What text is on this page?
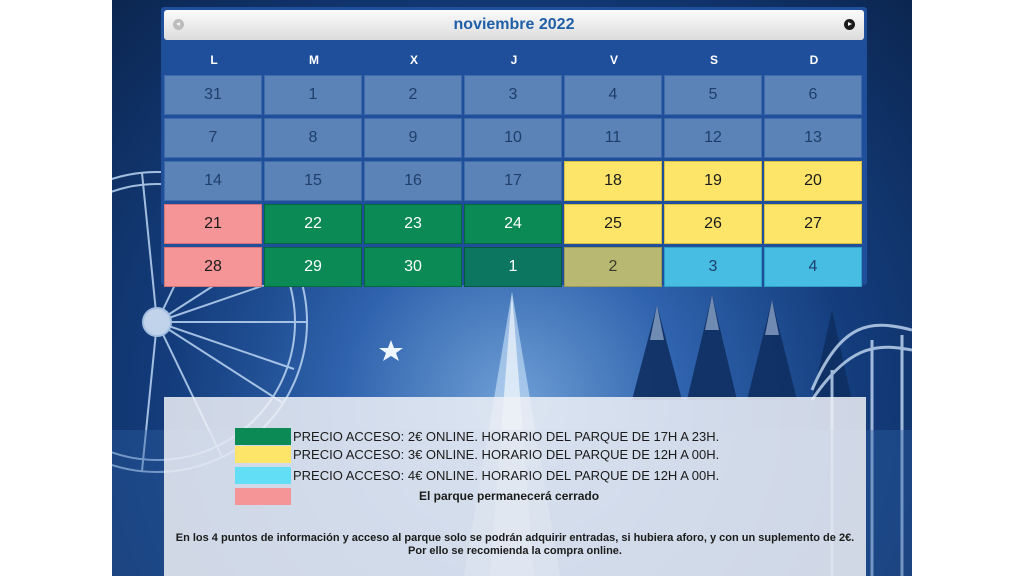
noviembre 2022
L	M	X	J	V	S	D
31	1	2	3	4	5	6
7	8	9	10	11	12	13
14	15	16	17	18	19	20
21	22	23	24	25	26	27
28	29	30	1	2	3	4
PRECIO ACCESO: 2€ ONLINE. HORARIO DEL PARQUE DE 17H A 23H.
PRECIO ACCESO: 3€ ONLINE. HORARIO DEL PARQUE DE 12H A 00H.
PRECIO ACCESO: 4€ ONLINE. HORARIO DEL PARQUE DE 12H A 00H.
El parque permanecerá cerrado
En los 4 puntos de información y acceso al parque solo se podrán adquirir entradas, si hubiera aforo, y con un suplemento de 2€. Por ello se recomienda la compra online.
